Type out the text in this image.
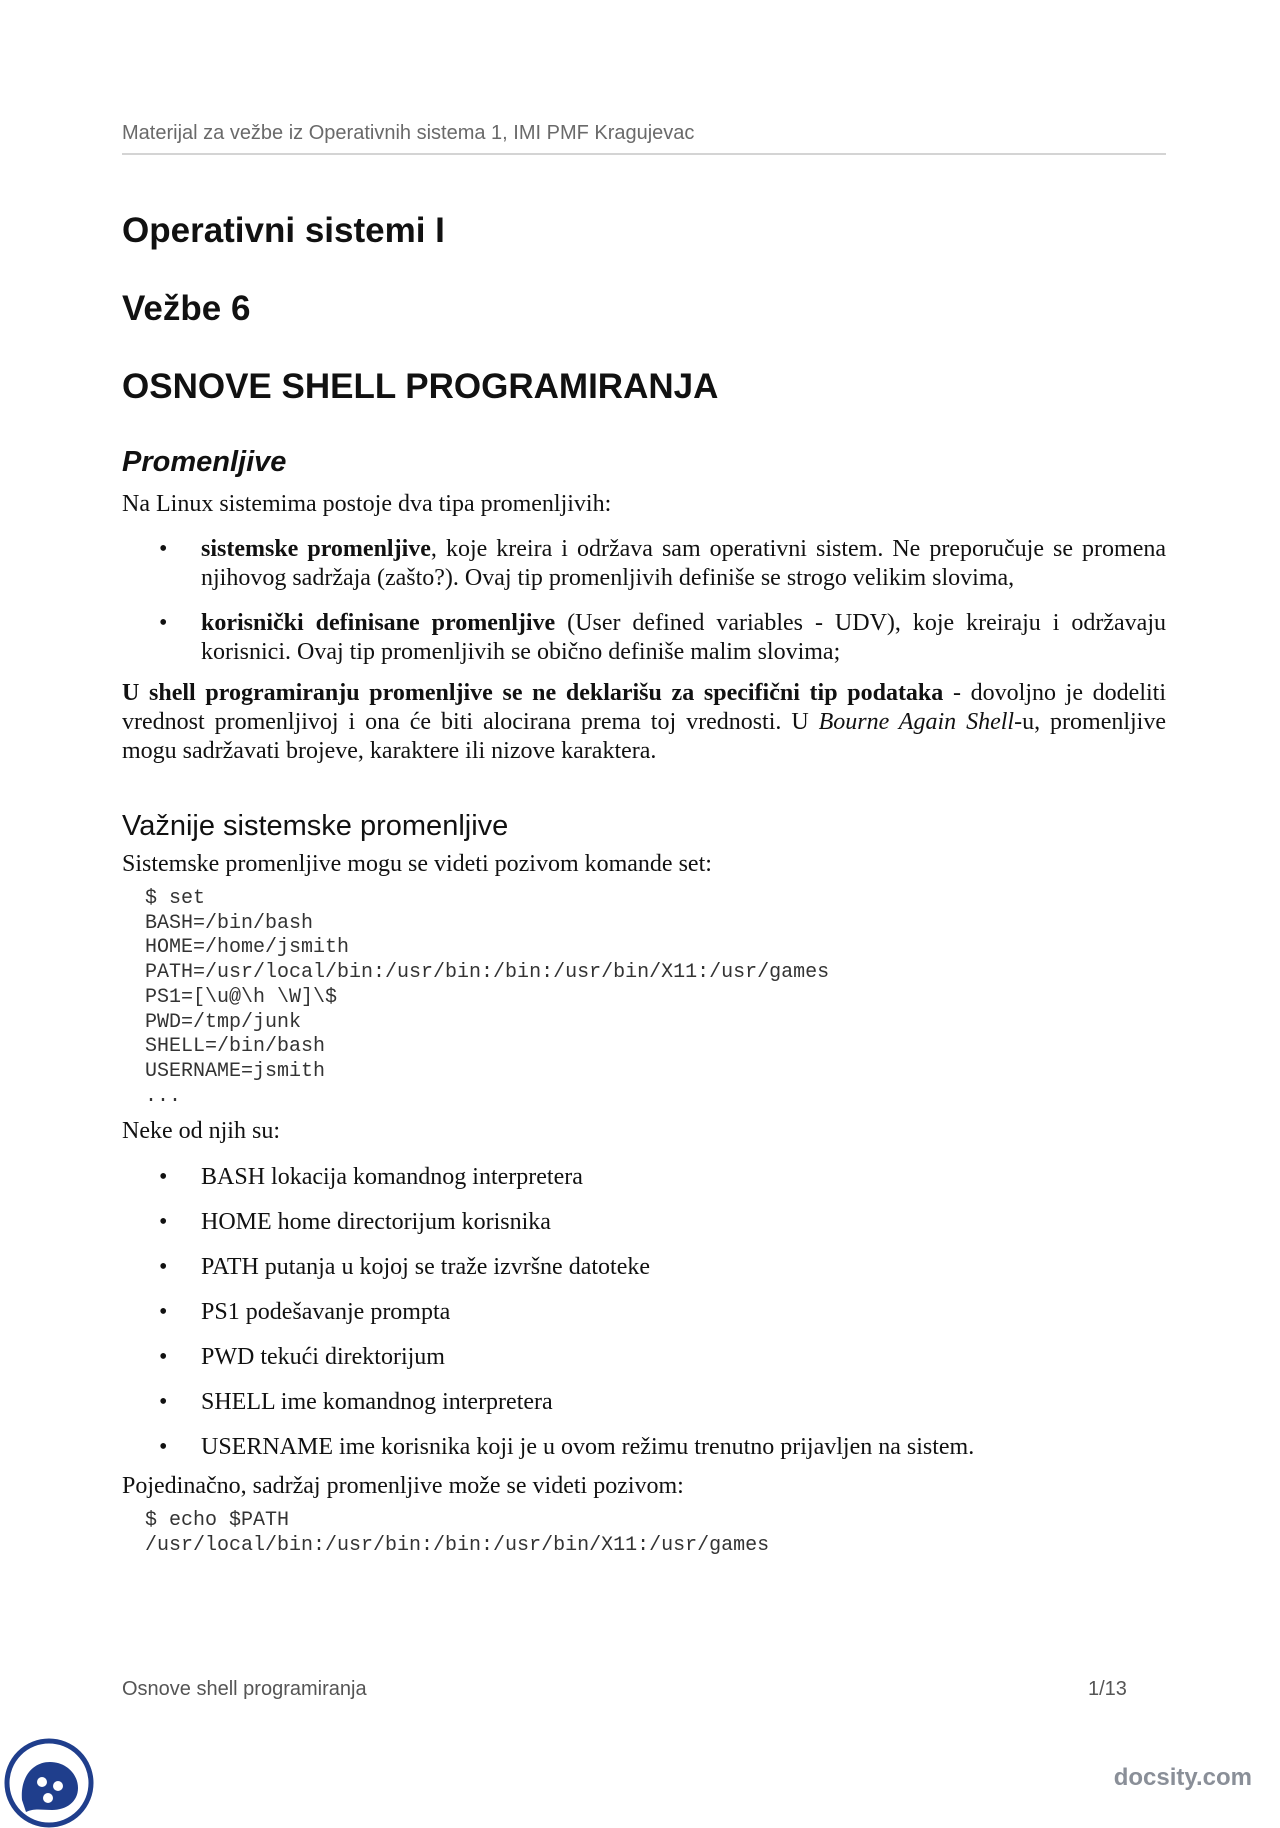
Materijal za vežbe iz Operativnih sistema 1, IMI PMF Kragujevac
Operativni sistemi I
Vežbe 6
OSNOVE SHELL PROGRAMIRANJA
Promenljive

Na Linux sistemima postoje dva tipa promenljivih:

• sistemske promenljive, koje kreira i održava sam operativni sistem. Ne preporučuje se promena njihovog sadržaja (zašto?). Ovaj tip promenljivih definiše se strogo velikim slovima,
• korisnički definisane promenljive (User defined variables - UDV), koje kreiraju i održavaju korisnici. Ovaj tip promenljivih se obično definiše malim slovima;

U shell programiranju promenljive se ne deklarišu za specifični tip podataka - dovoljno je dodeliti vrednost promenljivoj i ona će biti alocirana prema toj vrednosti. U Bourne Again Shell-u, promenljive mogu sadržavati brojeve, karaktere ili nizove karaktera.

Važnije sistemske promenljive

Sistemske promenljive mogu se videti pozivom komande set:

$ set
BASH=/bin/bash
HOME=/home/jsmith
PATH=/usr/local/bin:/usr/bin:/bin:/usr/bin/X11:/usr/games
PS1=[\u@\h \W]\$
PWD=/tmp/junk
SHELL=/bin/bash
USERNAME=jsmith
...

Neke od njih su:

• BASH lokacija komandnog interpretera
• HOME home directorijum korisnika
• PATH putanja u kojoj se traže izvršne datoteke
• PS1 podešavanje prompta
• PWD tekući direktorijum
• SHELL ime komandnog interpretera
• USERNAME ime korisnika koji je u ovom režimu trenutno prijavljen na sistem.

Pojedinačno, sadržaj promenljive može se videti pozivom:

$ echo $PATH
/usr/local/bin:/usr/bin:/bin:/usr/bin/X11:/usr/games
Osnove shell programiranja	1/13
docsity.com
